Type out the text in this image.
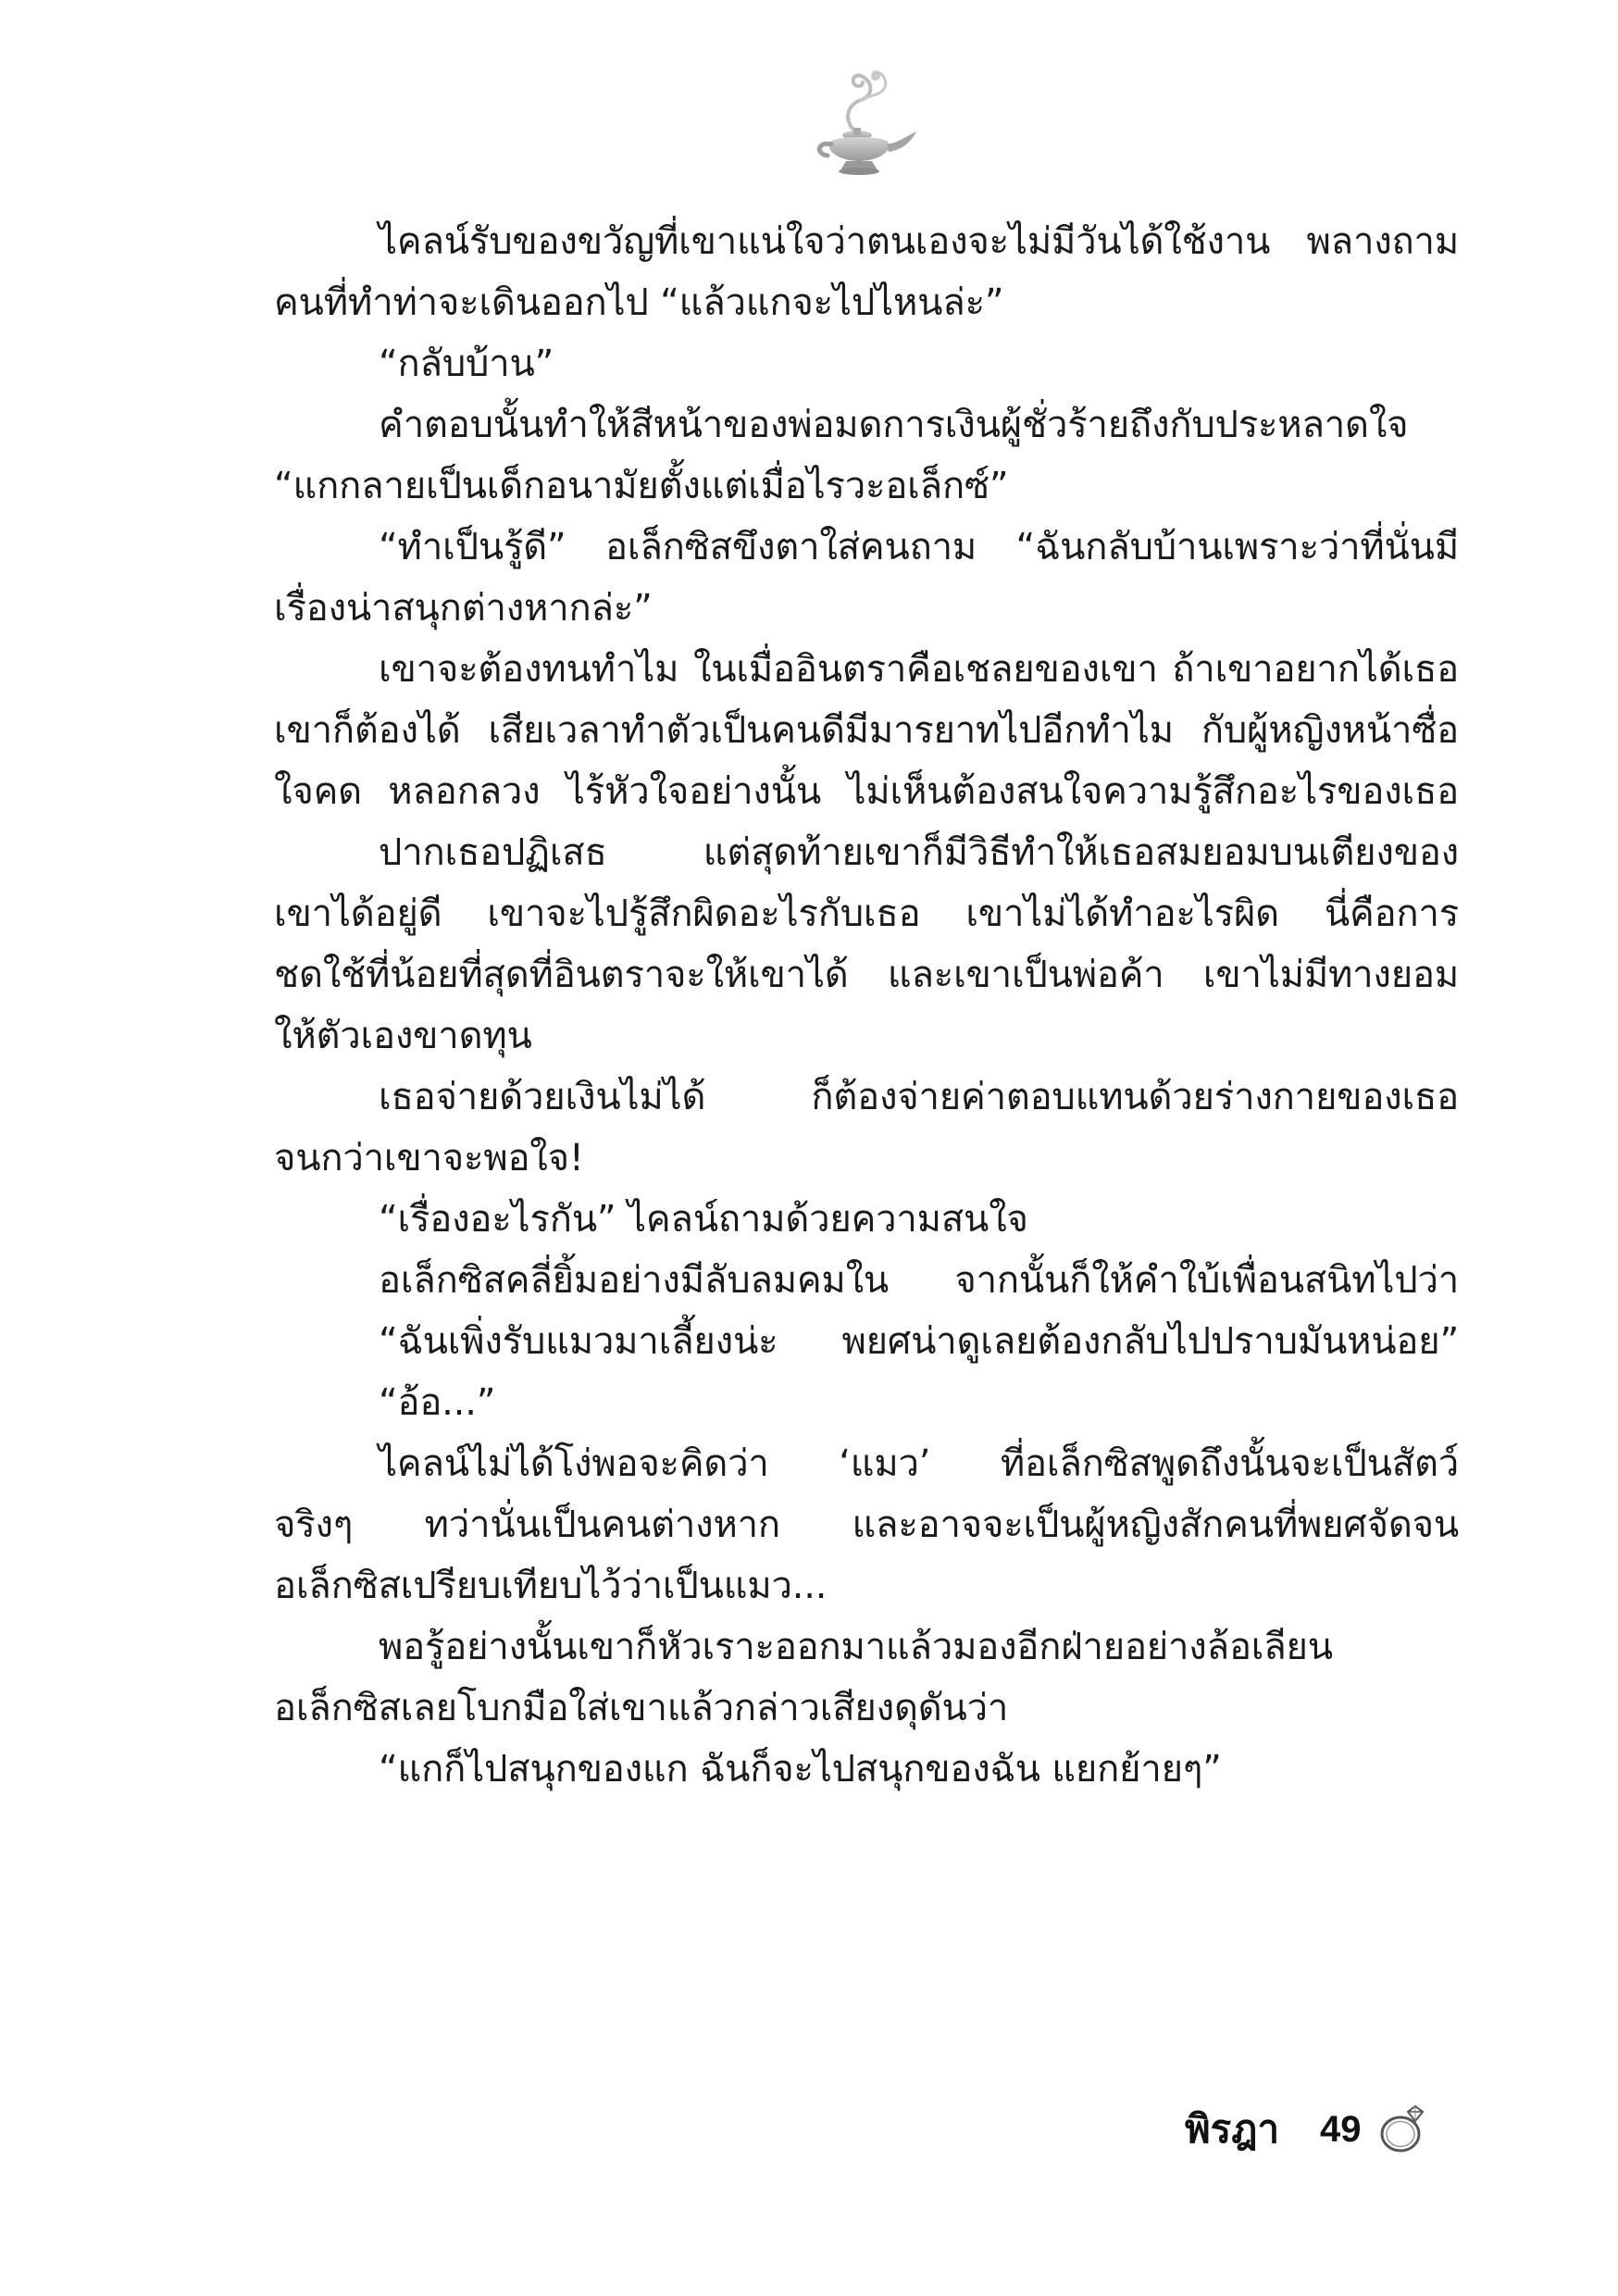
ไคลน์รับของขวัญที่เขาแน่ใจว่าตนเองจะไม่มีวันได้ใช้งาน พลางถาม
คนที่ทำท่าจะเดินออกไป “แล้วแกจะไปไหนล่ะ”
“กลับบ้าน”
คำตอบนั้นทำให้สีหน้าของพ่อมดการเงินผู้ชั่วร้ายถึงกับประหลาดใจ
“แกกลายเป็นเด็กอนามัยตั้งแต่เมื่อไรวะอเล็กซ์”
“ทำเป็นรู้ดี” อเล็กซิสขึงตาใส่คนถาม “ฉันกลับบ้านเพราะว่าที่นั่นมี
เรื่องน่าสนุกต่างหากล่ะ”
เขาจะต้องทนทำไม ในเมื่ออินตราคือเชลยของเขา ถ้าเขาอยากได้เธอ
เขาก็ต้องได้ เสียเวลาทำตัวเป็นคนดีมีมารยาทไปอีกทำไม กับผู้หญิงหน้าซื่อ
ใจคด หลอกลวง ไร้หัวใจอย่างนั้น ไม่เห็นต้องสนใจความรู้สึกอะไรของเธอ
ปากเธอปฏิเสธ แต่สุดท้ายเขาก็มีวิธีทำให้เธอสมยอมบนเตียงของ
เขาได้อยู่ดี เขาจะไปรู้สึกผิดอะไรกับเธอ เขาไม่ได้ทำอะไรผิด นี่คือการ
ชดใช้ที่น้อยที่สุดที่อินตราจะให้เขาได้ และเขาเป็นพ่อค้า เขาไม่มีทางยอม
ให้ตัวเองขาดทุน
เธอจ่ายด้วยเงินไม่ได้ ก็ต้องจ่ายค่าตอบแทนด้วยร่างกายของเธอ
จนกว่าเขาจะพอใจ!
“เรื่องอะไรกัน” ไคลน์ถามด้วยความสนใจ
อเล็กซิสคลี่ยิ้มอย่างมีลับลมคมใน จากนั้นก็ให้คำใบ้เพื่อนสนิทไปว่า
“ฉันเพิ่งรับแมวมาเลี้ยงน่ะ พยศน่าดูเลยต้องกลับไปปราบมันหน่อย”
“อ้อ...”
ไคลน์ไม่ได้โง่พอจะคิดว่า ‘แมว’ ที่อเล็กซิสพูดถึงนั้นจะเป็นสัตว์
จริงๆ ทว่านั่นเป็นคนต่างหาก และอาจจะเป็นผู้หญิงสักคนที่พยศจัดจน
อเล็กซิสเปรียบเทียบไว้ว่าเป็นแมว...
พอรู้อย่างนั้นเขาก็หัวเราะออกมาแล้วมองอีกฝ่ายอย่างล้อเลียน
อเล็กซิสเลยโบกมือใส่เขาแล้วกล่าวเสียงดุดันว่า
“แกก็ไปสนุกของแก ฉันก็จะไปสนุกของฉัน แยกย้ายๆ”
พิรฎา 49
